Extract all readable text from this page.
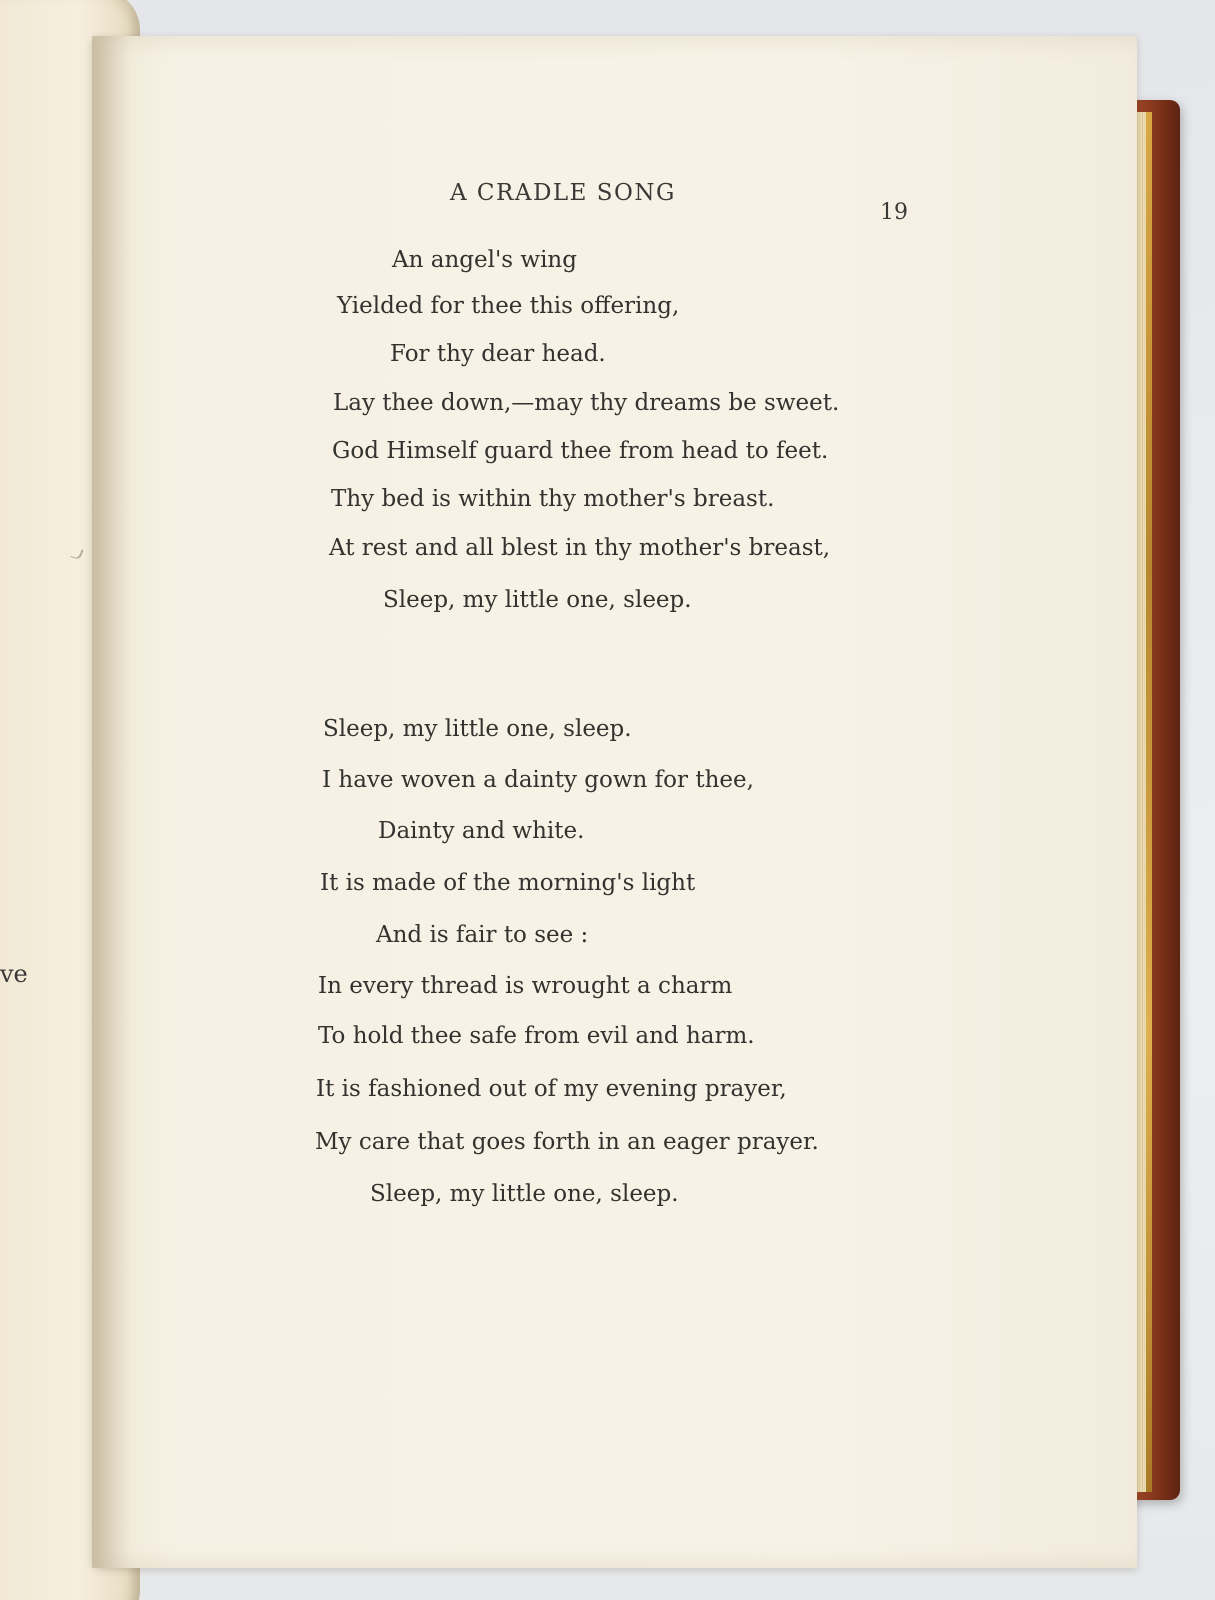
ve
A CRADLE SONG
19
An angel's wing
Yielded for thee this offering,
For thy dear head.
Lay thee down,—may thy dreams be sweet.
God Himself guard thee from head to feet.
Thy bed is within thy mother's breast.
At rest and all blest in thy mother's breast,
Sleep, my little one, sleep.
Sleep, my little one, sleep.
I have woven a dainty gown for thee,
Dainty and white.
It is made of the morning's light
And is fair to see :
In every thread is wrought a charm
To hold thee safe from evil and harm.
It is fashioned out of my evening prayer,
My care that goes forth in an eager prayer.
Sleep, my little one, sleep.
